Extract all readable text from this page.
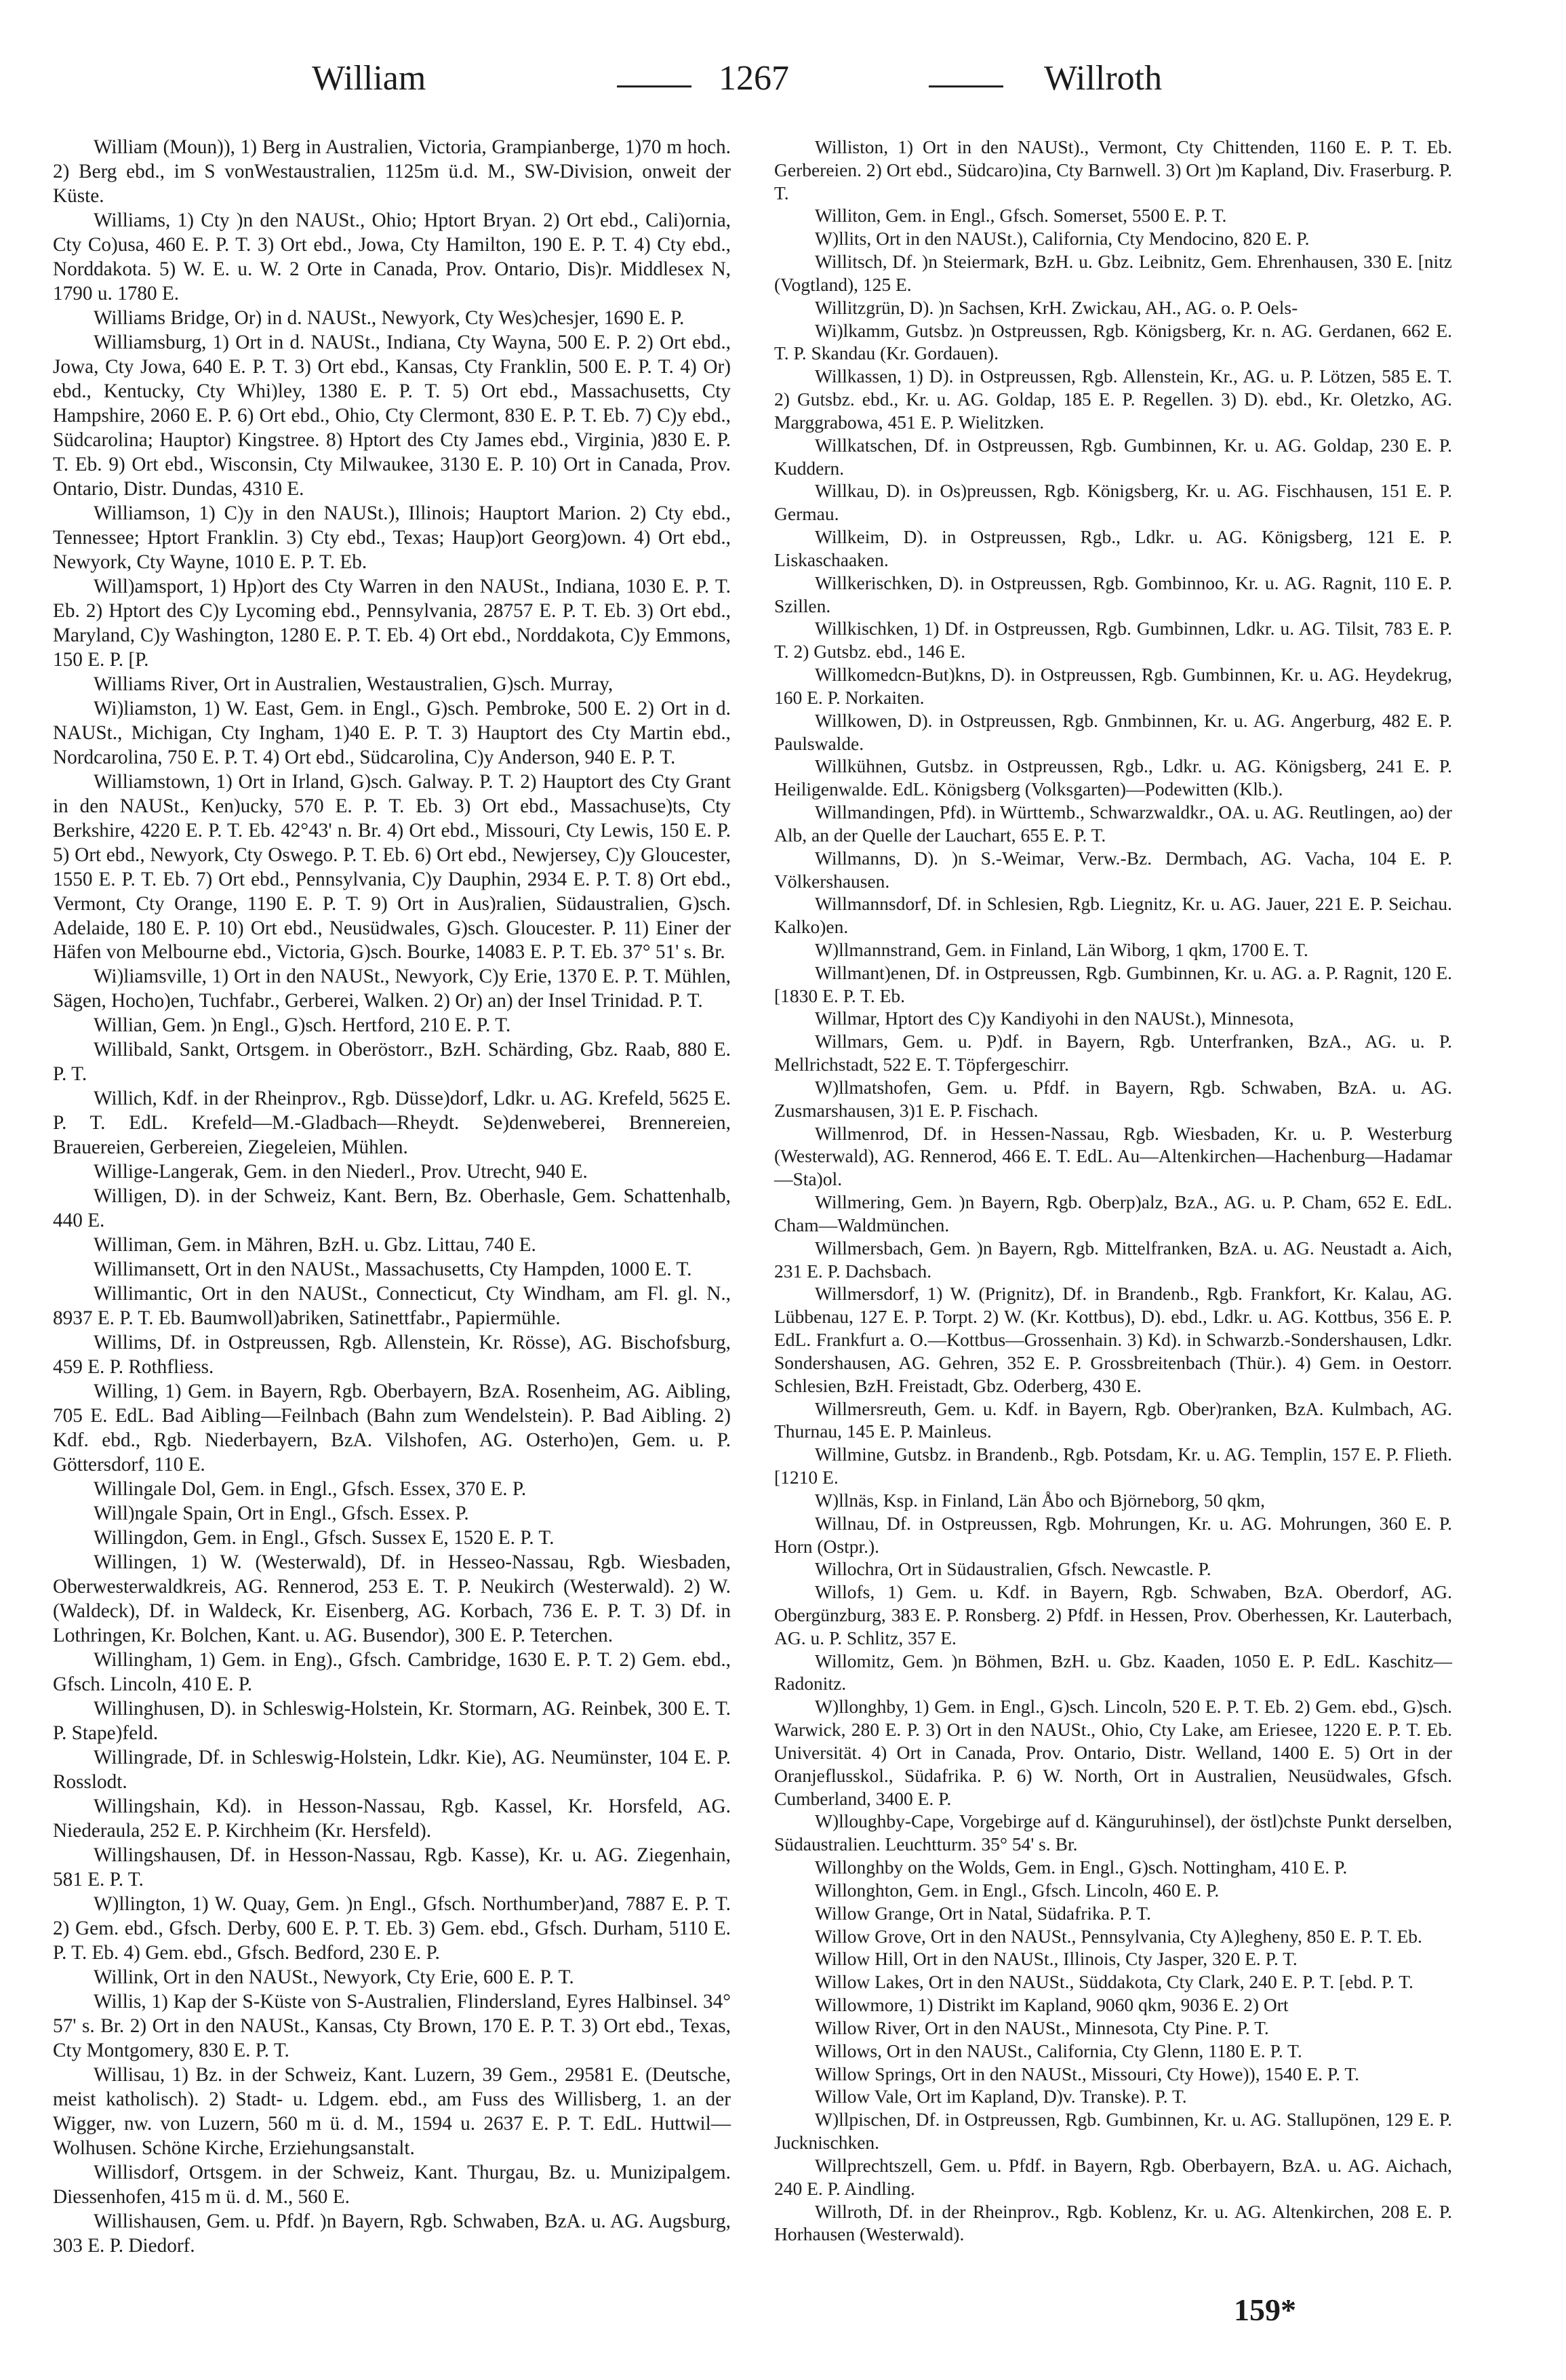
William	1267	Willroth

William (Moun)), 1) Berg in Australien, Victoria, Grampianberge, 1)70 m hoch. 2) Berg ebd., im S vonWestaustralien, 1125m ü.d. M., SW-Division, onweit der Küste.

Williams, 1) Cty )n den NAUSt., Ohio; Hptort Bryan. 2) Ort ebd., Cali)ornia, Cty Co)usa, 460 E. P. T. 3) Ort ebd., Jowa, Cty Hamilton, 190 E. P. T. 4) Cty ebd., Norddakota. 5) W. E. u. W. 2 Orte in Canada, Prov. Ontario, Dis)r. Middlesex N, 1790 u. 1780 E.

Williams Bridge, Or) in d. NAUSt., Newyork, Cty Wes)chesjer, 1690 E. P.

Williamsburg, 1) Ort in d. NAUSt., Indiana, Cty Wayna, 500 E. P. 2) Ort ebd., Jowa, Cty Jowa, 640 E. P. T. 3) Ort ebd., Kansas, Cty Franklin, 500 E. P. T. 4) Or) ebd., Kentucky, Cty Whi)ley, 1380 E. P. T. 5) Ort ebd., Massachusetts, Cty Hampshire, 2060 E. P. 6) Ort ebd., Ohio, Cty Clermont, 830 E. P. T. Eb. 7) C)y ebd., Südcarolina; Hauptor) Kingstree. 8) Hptort des Cty James ebd., Virginia, )830 E. P. T. Eb. 9) Ort ebd., Wisconsin, Cty Milwaukee, 3130 E. P. 10) Ort in Canada, Prov. Ontario, Distr. Dundas, 4310 E.

Williamson, 1) C)y in den NAUSt.), Illinois; Hauptort Marion. 2) Cty ebd., Tennessee; Hptort Franklin. 3) Cty ebd., Texas; Haup)ort Georg)own. 4) Ort ebd., Newyork, Cty Wayne, 1010 E. P. T. Eb.

Will)amsport, 1) Hp)ort des Cty Warren in den NAUSt., Indiana, 1030 E. P. T. Eb. 2) Hptort des C)y Lycoming ebd., Pennsylvania, 28757 E. P. T. Eb. 3) Ort ebd., Maryland, C)y Washington, 1280 E. P. T. Eb. 4) Ort ebd., Norddakota, C)y Emmons, 150 E. P. [P.

Williams River, Ort in Australien, Westaustralien, G)sch. Murray,

Wi)liamston, 1) W. East, Gem. in Engl., G)sch. Pembroke, 500 E. 2) Ort in d. NAUSt., Michigan, Cty Ingham, 1)40 E. P. T. 3) Hauptort des Cty Martin ebd., Nordcarolina, 750 E. P. T. 4) Ort ebd., Südcarolina, C)y Anderson, 940 E. P. T.

Williamstown, 1) Ort in Irland, G)sch. Galway. P. T. 2) Hauptort des Cty Grant in den NAUSt., Ken)ucky, 570 E. P. T. Eb. 3) Ort ebd., Massachuse)ts, Cty Berkshire, 4220 E. P. T. Eb. 42°43' n. Br. 4) Ort ebd., Missouri, Cty Lewis, 150 E. P. 5) Ort ebd., Newyork, Cty Oswego. P. T. Eb. 6) Ort ebd., Newjersey, C)y Gloucester, 1550 E. P. T. Eb. 7) Ort ebd., Pennsylvania, C)y Dauphin, 2934 E. P. T. 8) Ort ebd., Vermont, Cty Orange, 1190 E. P. T. 9) Ort in Aus)ralien, Südaustralien, G)sch. Adelaide, 180 E. P. 10) Ort ebd., Neusüdwales, G)sch. Gloucester. P. 11) Einer der Häfen von Melbourne ebd., Victoria, G)sch. Bourke, 14083 E. P. T. Eb. 37° 51' s. Br.

Wi)liamsville, 1) Ort in den NAUSt., Newyork, C)y Erie, 1370 E. P. T. Mühlen, Sägen, Hocho)en, Tuchfabr., Gerberei, Walken. 2) Or) an) der Insel Trinidad. P. T.

Willian, Gem. )n Engl., G)sch. Hertford, 210 E. P. T.

Willibald, Sankt, Ortsgem. in Oberöstorr., BzH. Schärding, Gbz. Raab, 880 E. P. T.

Willich, Kdf. in der Rheinprov., Rgb. Düsse)dorf, Ldkr. u. AG. Krefeld, 5625 E. P. T. EdL. Krefeld—M.-Gladbach—Rheydt. Se)denweberei, Brennereien, Brauereien, Gerbereien, Ziegeleien, Mühlen.

Willige-Langerak, Gem. in den Niederl., Prov. Utrecht, 940 E.

Willigen, D). in der Schweiz, Kant. Bern, Bz. Oberhasle, Gem. Schattenhalb, 440 E.

Williman, Gem. in Mähren, BzH. u. Gbz. Littau, 740 E.

Willimansett, Ort in den NAUSt., Massachusetts, Cty Hampden, 1000 E. T.

Willimantic, Ort in den NAUSt., Connecticut, Cty Windham, am Fl. gl. N., 8937 E. P. T. Eb. Baumwoll)abriken, Satinettfabr., Papiermühle.

Willims, Df. in Ostpreussen, Rgb. Allenstein, Kr. Rösse), AG. Bischofsburg, 459 E. P. Rothfliess.

Willing, 1) Gem. in Bayern, Rgb. Oberbayern, BzA. Rosenheim, AG. Aibling, 705 E. EdL. Bad Aibling—Feilnbach (Bahn zum Wendelstein). P. Bad Aibling. 2) Kdf. ebd., Rgb. Niederbayern, BzA. Vilshofen, AG. Osterho)en, Gem. u. P. Göttersdorf, 110 E.

Willingale Dol, Gem. in Engl., Gfsch. Essex, 370 E. P.

Will)ngale Spain, Ort in Engl., Gfsch. Essex. P.

Willingdon, Gem. in Engl., Gfsch. Sussex E, 1520 E. P. T.

Willingen, 1) W. (Westerwald), Df. in Hesseo-Nassau, Rgb. Wiesbaden, Oberwesterwaldkreis, AG. Rennerod, 253 E. T. P. Neukirch (Westerwald). 2) W. (Waldeck), Df. in Waldeck, Kr. Eisenberg, AG. Korbach, 736 E. P. T. 3) Df. in Lothringen, Kr. Bolchen, Kant. u. AG. Busendor), 300 E. P. Teterchen.

Willingham, 1) Gem. in Eng)., Gfsch. Cambridge, 1630 E. P. T. 2) Gem. ebd., Gfsch. Lincoln, 410 E. P.

Willinghusen, D). in Schleswig-Holstein, Kr. Stormarn, AG. Reinbek, 300 E. T. P. Stape)feld.

Willingrade, Df. in Schleswig-Holstein, Ldkr. Kie), AG. Neumünster, 104 E. P. Rosslodt.

Willingshain, Kd). in Hesson-Nassau, Rgb. Kassel, Kr. Horsfeld, AG. Niederaula, 252 E. P. Kirchheim (Kr. Hersfeld).

Willingshausen, Df. in Hesson-Nassau, Rgb. Kasse), Kr. u. AG. Ziegenhain, 581 E. P. T.

W)llington, 1) W. Quay, Gem. )n Engl., Gfsch. Northumber)and, 7887 E. P. T. 2) Gem. ebd., Gfsch. Derby, 600 E. P. T. Eb. 3) Gem. ebd., Gfsch. Durham, 5110 E. P. T. Eb. 4) Gem. ebd., Gfsch. Bedford, 230 E. P.

Willink, Ort in den NAUSt., Newyork, Cty Erie, 600 E. P. T.

Willis, 1) Kap der S-Küste von S-Australien, Flindersland, Eyres Halbinsel. 34° 57' s. Br. 2) Ort in den NAUSt., Kansas, Cty Brown, 170 E. P. T. 3) Ort ebd., Texas, Cty Montgomery, 830 E. P. T.

Willisau, 1) Bz. in der Schweiz, Kant. Luzern, 39 Gem., 29581 E. (Deutsche, meist katholisch). 2) Stadt- u. Ldgem. ebd., am Fuss des Willisberg, 1. an der Wigger, nw. von Luzern, 560 m ü. d. M., 1594 u. 2637 E. P. T. EdL. Huttwil—Wolhusen. Schöne Kirche, Erziehungsanstalt.

Willisdorf, Ortsgem. in der Schweiz, Kant. Thurgau, Bz. u. Munizipalgem. Diessenhofen, 415 m ü. d. M., 560 E.

Willishausen, Gem. u. Pfdf. )n Bayern, Rgb. Schwaben, BzA. u. AG. Augsburg, 303 E. P. Diedorf.

Williston, 1) Ort in den NAUSt)., Vermont, Cty Chittenden, 1160 E. P. T. Eb. Gerbereien. 2) Ort ebd., Südcaro)ina, Cty Barnwell. 3) Ort )m Kapland, Div. Fraserburg. P. T.

Williton, Gem. in Engl., Gfsch. Somerset, 5500 E. P. T.

W)llits, Ort in den NAUSt.), California, Cty Mendocino, 820 E. P.

Willitsch, Df. )n Steiermark, BzH. u. Gbz. Leibnitz, Gem. Ehrenhausen, 330 E. [nitz (Vogtland), 125 E.

Willitzgrün, D). )n Sachsen, KrH. Zwickau, AH., AG. o. P. Oels-

Wi)lkamm, Gutsbz. )n Ostpreussen, Rgb. Königsberg, Kr. n. AG. Gerdanen, 662 E. T. P. Skandau (Kr. Gordauen).

Willkassen, 1) D). in Ostpreussen, Rgb. Allenstein, Kr., AG. u. P. Lötzen, 585 E. T. 2) Gutsbz. ebd., Kr. u. AG. Goldap, 185 E. P. Regellen. 3) D). ebd., Kr. Oletzko, AG. Marggrabowa, 451 E. P. Wielitzken.

Willkatschen, Df. in Ostpreussen, Rgb. Gumbinnen, Kr. u. AG. Goldap, 230 E. P. Kuddern.

Willkau, D). in Os)preussen, Rgb. Königsberg, Kr. u. AG. Fischhausen, 151 E. P. Germau.

Willkeim, D). in Ostpreussen, Rgb., Ldkr. u. AG. Königsberg, 121 E. P. Liskaschaaken.

Willkerischken, D). in Ostpreussen, Rgb. Gombinnoo, Kr. u. AG. Ragnit, 110 E. P. Szillen.

Willkischken, 1) Df. in Ostpreussen, Rgb. Gumbinnen, Ldkr. u. AG. Tilsit, 783 E. P. T. 2) Gutsbz. ebd., 146 E.

Willkomedcn-But)kns, D). in Ostpreussen, Rgb. Gumbinnen, Kr. u. AG. Heydekrug, 160 E. P. Norkaiten.

Willkowen, D). in Ostpreussen, Rgb. Gnmbinnen, Kr. u. AG. Angerburg, 482 E. P. Paulswalde.

Willkühnen, Gutsbz. in Ostpreussen, Rgb., Ldkr. u. AG. Königsberg, 241 E. P. Heiligenwalde. EdL. Königsberg (Volksgarten)—Podewitten (Klb.).

Willmandingen, Pfd). in Württemb., Schwarzwaldkr., OA. u. AG. Reutlingen, ao) der Alb, an der Quelle der Lauchart, 655 E. P. T.

Willmanns, D). )n S.-Weimar, Verw.-Bz. Dermbach, AG. Vacha, 104 E. P. Völkershausen.

Willmannsdorf, Df. in Schlesien, Rgb. Liegnitz, Kr. u. AG. Jauer, 221 E. P. Seichau. Kalko)en.

W)llmannstrand, Gem. in Finland, Län Wiborg, 1 qkm, 1700 E. T.

Willmant)enen, Df. in Ostpreussen, Rgb. Gumbinnen, Kr. u. AG. a. P. Ragnit, 120 E. [1830 E. P. T. Eb.

Willmar, Hptort des C)y Kandiyohi in den NAUSt.), Minnesota,

Willmars, Gem. u. P)df. in Bayern, Rgb. Unterfranken, BzA., AG. u. P. Mellrichstadt, 522 E. T. Töpfergeschirr.

W)llmatshofen, Gem. u. Pfdf. in Bayern, Rgb. Schwaben, BzA. u. AG. Zusmarshausen, 3)1 E. P. Fischach.

Willmenrod, Df. in Hessen-Nassau, Rgb. Wiesbaden, Kr. u. P. Westerburg (Westerwald), AG. Rennerod, 466 E. T. EdL. Au—Altenkirchen—Hachenburg—Hadamar—Sta)ol.

Willmering, Gem. )n Bayern, Rgb. Oberp)alz, BzA., AG. u. P. Cham, 652 E. EdL. Cham—Waldmünchen.

Willmersbach, Gem. )n Bayern, Rgb. Mittelfranken, BzA. u. AG. Neustadt a. Aich, 231 E. P. Dachsbach.

Willmersdorf, 1) W. (Prignitz), Df. in Brandenb., Rgb. Frankfort, Kr. Kalau, AG. Lübbenau, 127 E. P. Torpt. 2) W. (Kr. Kottbus), D). ebd., Ldkr. u. AG. Kottbus, 356 E. P. EdL. Frankfurt a. O.—Kottbus—Grossenhain. 3) Kd). in Schwarzb.-Sondershausen, Ldkr. Sondershausen, AG. Gehren, 352 E. P. Grossbreitenbach (Thür.). 4) Gem. in Oestorr. Schlesien, BzH. Freistadt, Gbz. Oderberg, 430 E.

Willmersreuth, Gem. u. Kdf. in Bayern, Rgb. Ober)ranken, BzA. Kulmbach, AG. Thurnau, 145 E. P. Mainleus.

Willmine, Gutsbz. in Brandenb., Rgb. Potsdam, Kr. u. AG. Templin, 157 E. P. Flieth. [1210 E.

W)llnäs, Ksp. in Finland, Län Åbo och Björneborg, 50 qkm,

Willnau, Df. in Ostpreussen, Rgb. Mohrungen, Kr. u. AG. Mohrungen, 360 E. P. Horn (Ostpr.).

Willochra, Ort in Südaustralien, Gfsch. Newcastle. P.

Willofs, 1) Gem. u. Kdf. in Bayern, Rgb. Schwaben, BzA. Oberdorf, AG. Obergünzburg, 383 E. P. Ronsberg. 2) Pfdf. in Hessen, Prov. Oberhessen, Kr. Lauterbach, AG. u. P. Schlitz, 357 E.

Willomitz, Gem. )n Böhmen, BzH. u. Gbz. Kaaden, 1050 E. P. EdL. Kaschitz—Radonitz.

W)llonghby, 1) Gem. in Engl., G)sch. Lincoln, 520 E. P. T. Eb. 2) Gem. ebd., G)sch. Warwick, 280 E. P. 3) Ort in den NAUSt., Ohio, Cty Lake, am Eriesee, 1220 E. P. T. Eb. Universität. 4) Ort in Canada, Prov. Ontario, Distr. Welland, 1400 E. 5) Ort in der Oranjeflusskol., Südafrika. P. 6) W. North, Ort in Australien, Neusüdwales, Gfsch. Cumberland, 3400 E. P.

W)lloughby-Cape, Vorgebirge auf d. Känguruhinsel), der östl)chste Punkt derselben, Südaustralien. Leuchtturm. 35° 54' s. Br.

Willonghby on the Wolds, Gem. in Engl., G)sch. Nottingham, 410 E. P.

Willonghton, Gem. in Engl., Gfsch. Lincoln, 460 E. P.

Willow Grange, Ort in Natal, Südafrika. P. T.

Willow Grove, Ort in den NAUSt., Pennsylvania, Cty A)legheny, 850 E. P. T. Eb.

Willow Hill, Ort in den NAUSt., Illinois, Cty Jasper, 320 E. P. T.

Willow Lakes, Ort in den NAUSt., Süddakota, Cty Clark, 240 E. P. T. [ebd. P. T.

Willowmore, 1) Distrikt im Kapland, 9060 qkm, 9036 E. 2) Ort

Willow River, Ort in den NAUSt., Minnesota, Cty Pine. P. T.

Willows, Ort in den NAUSt., California, Cty Glenn, 1180 E. P. T.

Willow Springs, Ort in den NAUSt., Missouri, Cty Howe)), 1540 E. P. T.

Willow Vale, Ort im Kapland, D)v. Transke). P. T.

W)llpischen, Df. in Ostpreussen, Rgb. Gumbinnen, Kr. u. AG. Stallupönen, 129 E. P. Jucknischken.

Willprechtszell, Gem. u. Pfdf. in Bayern, Rgb. Oberbayern, BzA. u. AG. Aichach, 240 E. P. Aindling.

Willroth, Df. in der Rheinprov., Rgb. Koblenz, Kr. u. AG. Altenkirchen, 208 E. P. Horhausen (Westerwald).

159*
